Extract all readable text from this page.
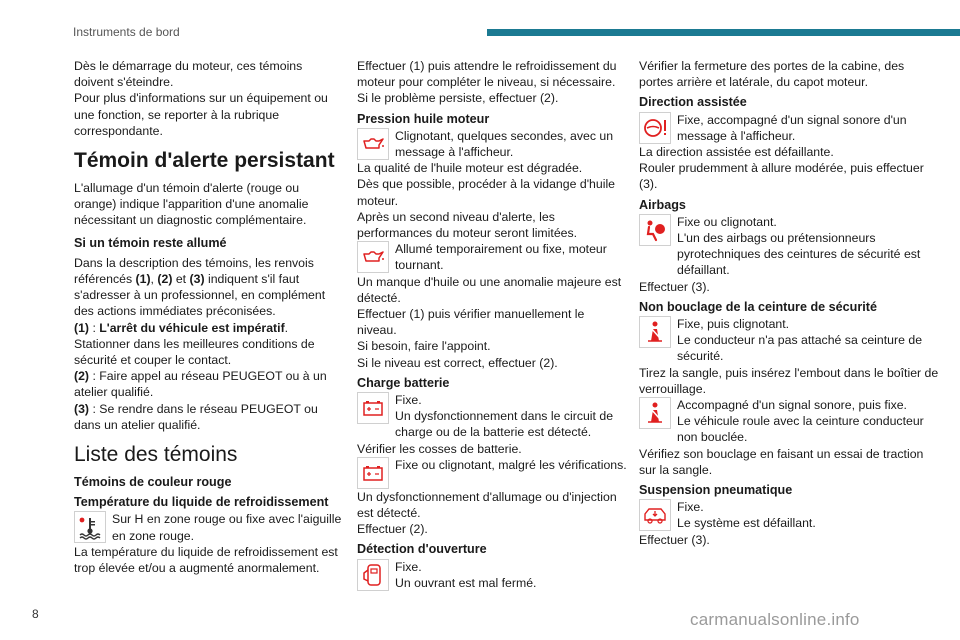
Instruments de bord

Dès le démarrage du moteur, ces témoins doivent s'éteindre.

Pour plus d'informations sur un équipement ou une fonction, se reporter à la rubrique correspondante.

Témoin d'alerte persistant

L'allumage d'un témoin d'alerte (rouge ou orange) indique l'apparition d'une anomalie nécessitant un diagnostic complémentaire.

Si un témoin reste allumé

Dans la description des témoins, les renvois référencés (1), (2) et (3) indiquent s'il faut s'adresser à un professionnel, en complément des actions immédiates préconisées.

(1) : L'arrêt du véhicule est impératif.

Stationner dans les meilleures conditions de sécurité et couper le contact.

(2) : Faire appel au réseau PEUGEOT ou à un atelier qualifié.

(3) : Se rendre dans le réseau PEUGEOT ou dans un atelier qualifié.

Liste des témoins
Témoins de couleur rouge
Température du liquide de refroidissement
Sur H en zone rouge ou fixe avec l'aiguille en zone rouge.

La température du liquide de refroidissement est trop élevée et/ou a augmenté anormalement.

Effectuer (1) puis attendre le refroidissement du moteur pour compléter le niveau, si nécessaire.

Si le problème persiste, effectuer (2).

Pression huile moteur
Clignotant, quelques secondes, avec un message à l'afficheur.

La qualité de l'huile moteur est dégradée.

Dès que possible, procéder à la vidange d'huile moteur.

Après un second niveau d'alerte, les performances du moteur seront limitées.

Allumé temporairement ou fixe, moteur tournant.

Un manque d'huile ou une anomalie majeure est détecté.

Effectuer (1) puis vérifier manuellement le niveau.

Si besoin, faire l'appoint.

Si le niveau est correct, effectuer (2).

Charge batterie
Fixe.
Un dysfonctionnement dans le circuit de charge ou de la batterie est détecté.

Vérifier les cosses de batterie.

Fixe ou clignotant, malgré les vérifications.

Un dysfonctionnement d'allumage ou d'injection est détecté.

Effectuer (2).

Détection d'ouverture
Fixe.
Un ouvrant est mal fermé.

Vérifier la fermeture des portes de la cabine, des portes arrière et latérale, du capot moteur.

Direction assistée
Fixe, accompagné d'un signal sonore d'un message à l'afficheur.

La direction assistée est défaillante.

Rouler prudemment à allure modérée, puis effectuer (3).

Airbags
Fixe ou clignotant.
L'un des airbags ou prétensionneurs pyrotechniques des ceintures de sécurité est défaillant.

Effectuer (3).

Non bouclage de la ceinture de sécurité
Fixe, puis clignotant.
Le conducteur n'a pas attaché sa ceinture de sécurité.

Tirez la sangle, puis insérez l'embout dans le boîtier de verrouillage.

Accompagné d'un signal sonore, puis fixe.
Le véhicule roule avec la ceinture conducteur non bouclée.

Vérifiez son bouclage en faisant un essai de traction sur la sangle.

Suspension pneumatique
Fixe.
Le système est défaillant.

Effectuer (3).

8	carmanualsonline.info
